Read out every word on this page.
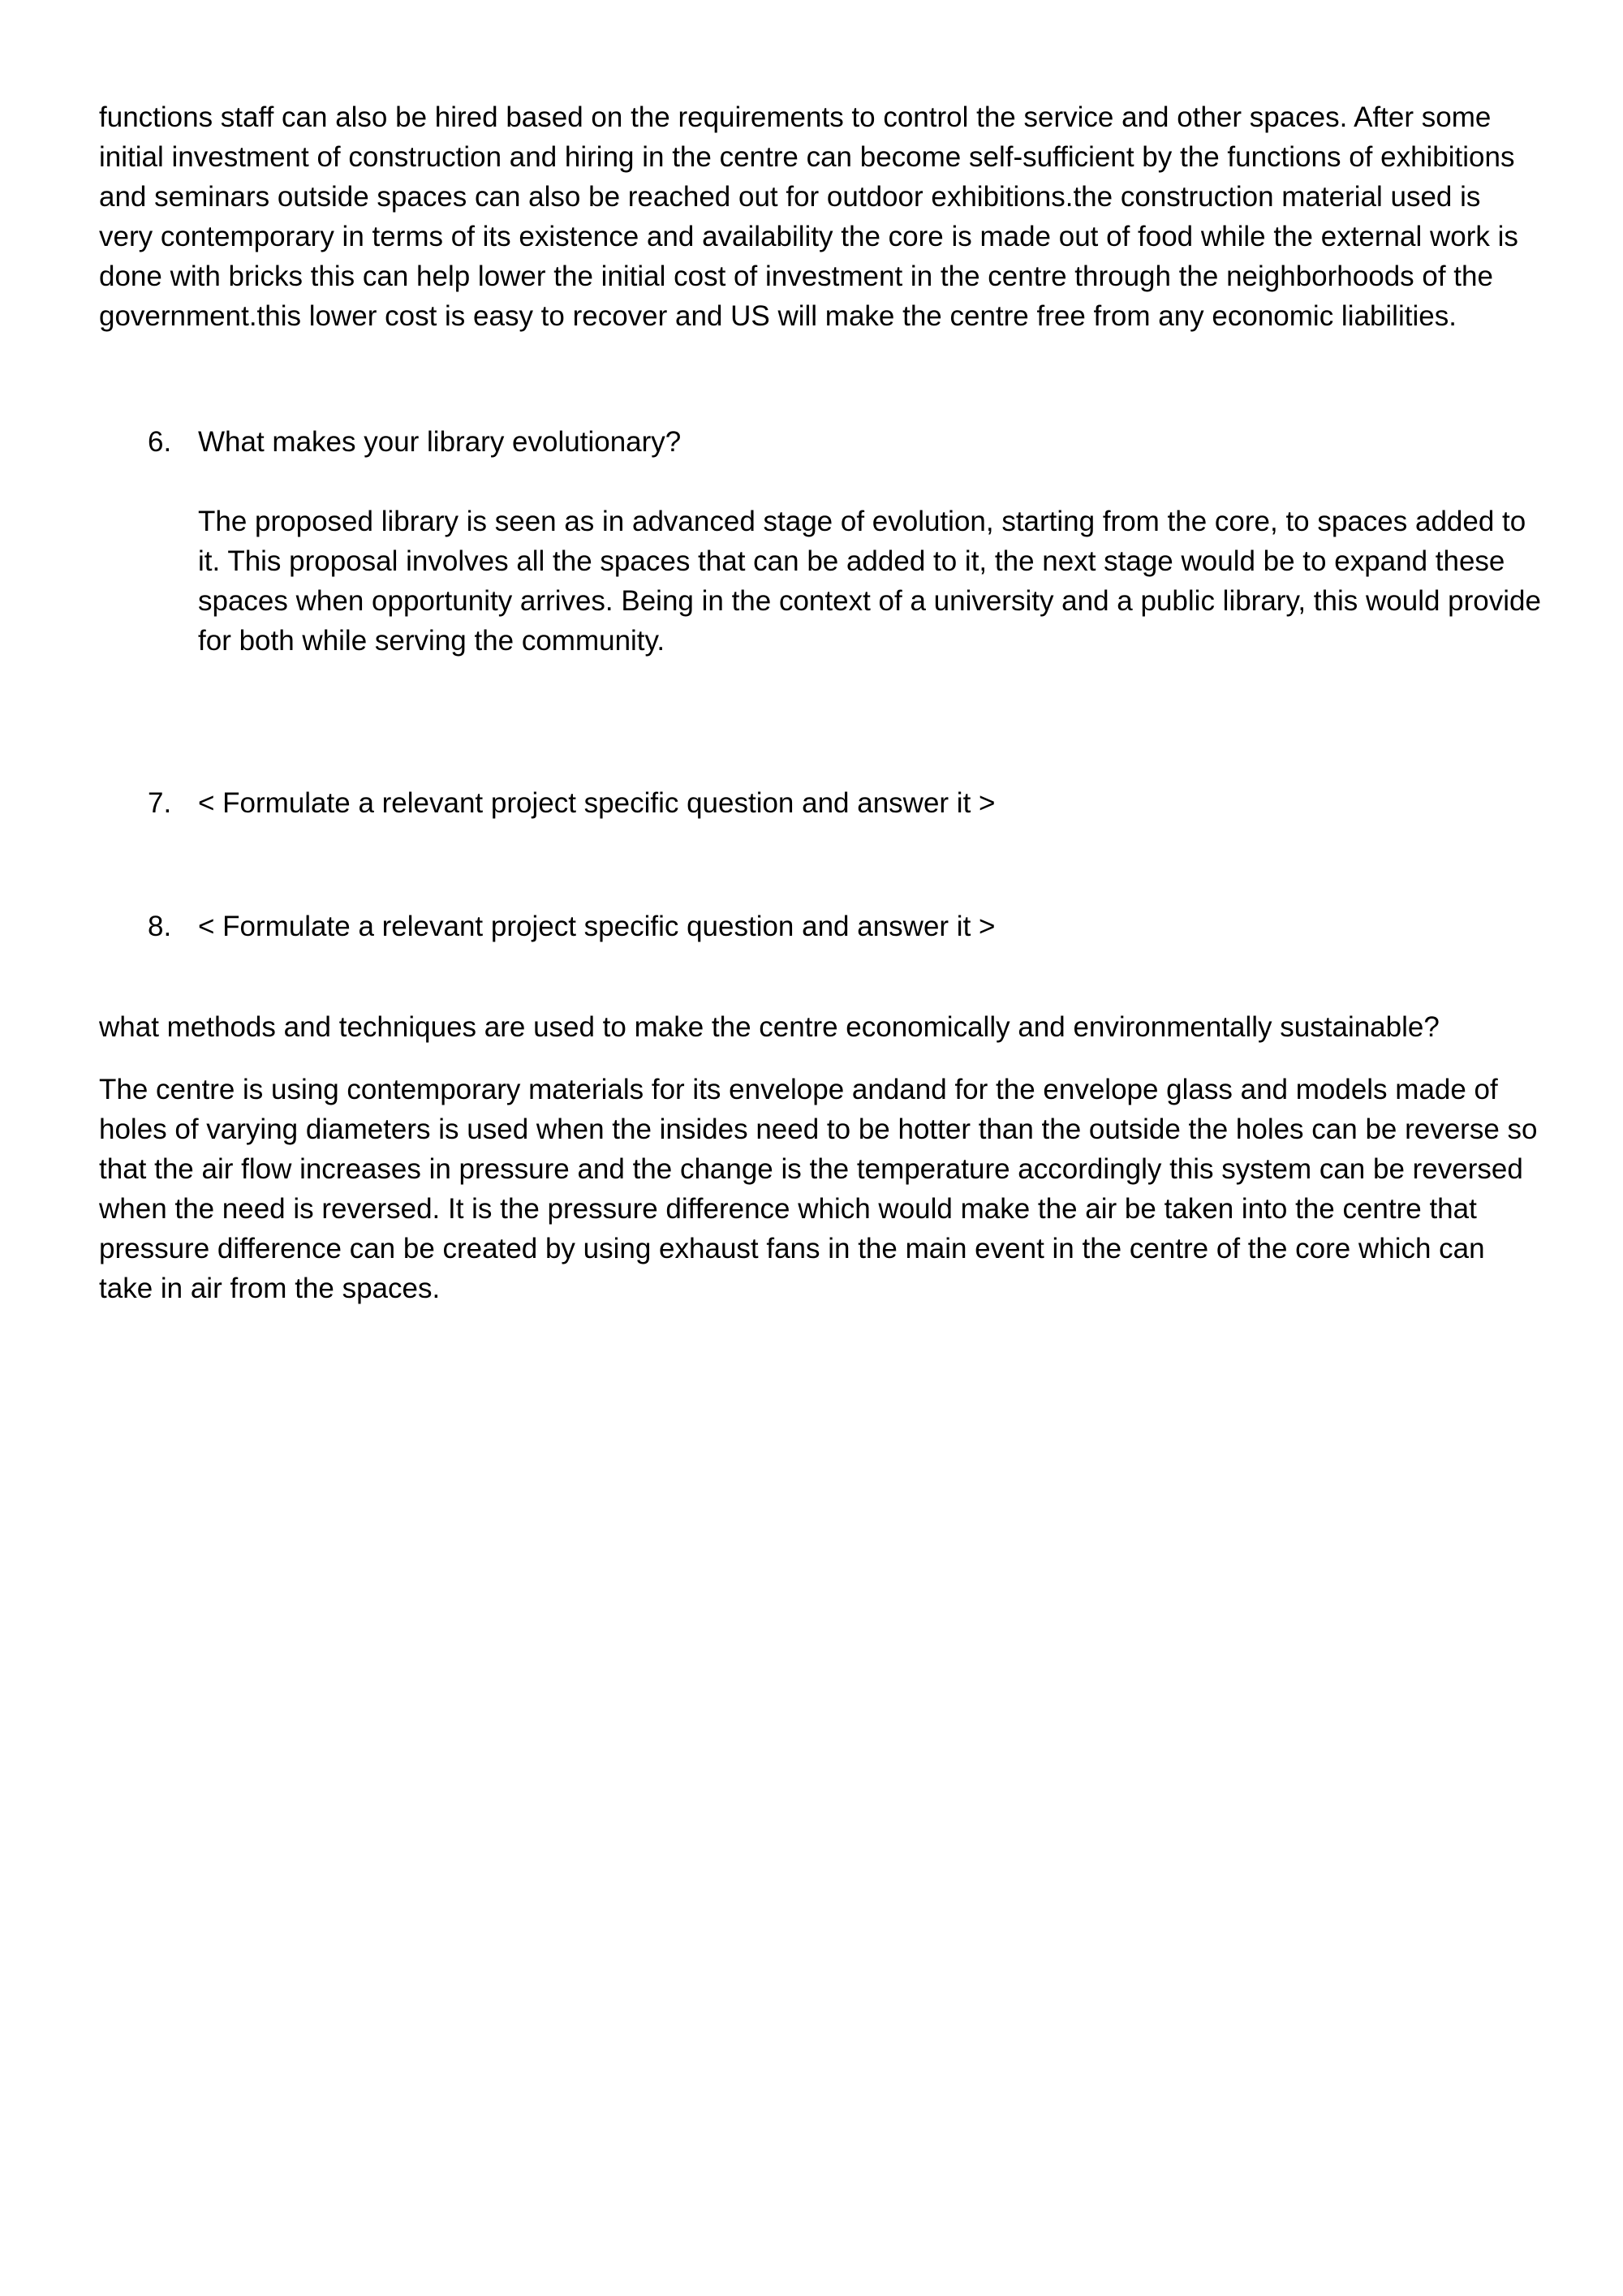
functions staff can also be hired based on the requirements to control the service and other spaces. After some initial investment of construction and hiring in the centre can become self-sufficient by the functions of exhibitions and seminars outside spaces can also be reached out for outdoor exhibitions.the construction material used is very contemporary in terms of its existence and availability the core is made out of food while the external work is done with bricks this can help lower the initial cost of investment in the centre through the neighborhoods of the government.this lower cost is easy to recover and US will make the centre free from any economic liabilities.

6. What makes your library evolutionary?

The proposed library is seen as in advanced stage of evolution, starting from the core, to spaces added to it. This proposal involves all the spaces that can be added to it, the next stage would be to expand these spaces when opportunity arrives. Being in the context of a university and a public library, this would provide for both while serving the community.

7. < Formulate a relevant project specific question and answer it >
8. < Formulate a relevant project specific question and answer it >

what methods and techniques are used to make the centre economically and environmentally sustainable?

The centre is using contemporary materials for its envelope andand for the envelope glass and models made of holes of varying diameters is used when the insides need to be hotter than the outside the holes can be reverse so that the air flow increases in pressure and the change is the temperature accordingly this system can be reversed when the need is reversed. It is the pressure difference which would make the air be taken into the centre that pressure difference can be created by using exhaust fans in the main event in the centre of the core which can take in air from the spaces.
